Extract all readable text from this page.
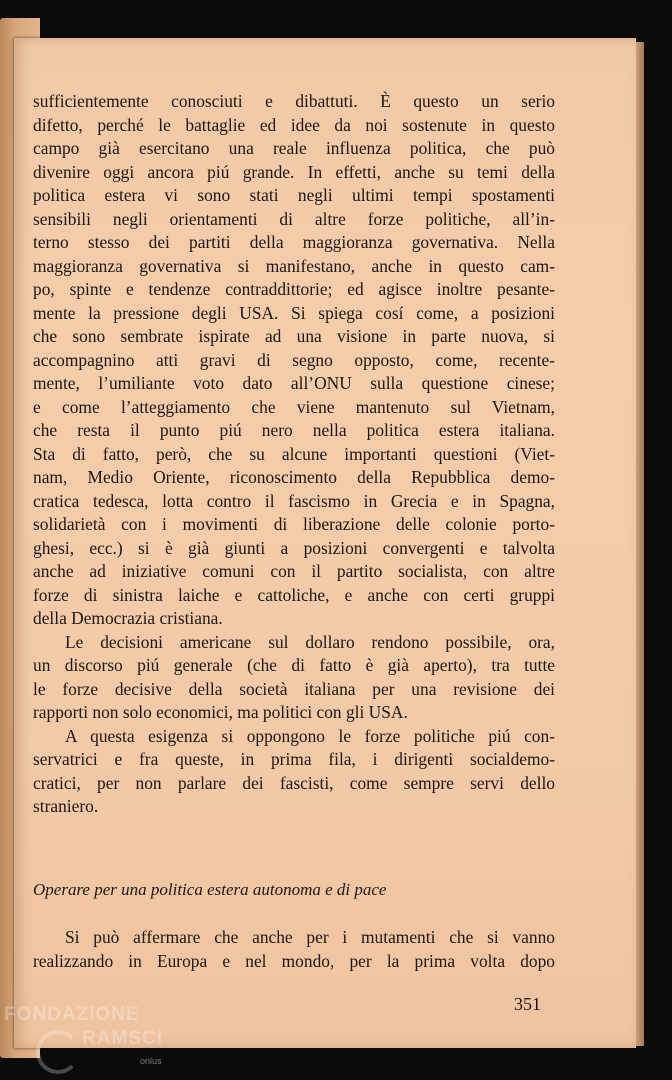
sufficientemente conosciuti e dibattuti. È questo un serio
difetto, perché le battaglie ed idee da noi sostenute in questo
campo già esercitano una reale influenza politica, che può
divenire oggi ancora piú grande. In effetti, anche su temi della
politica estera vi sono stati negli ultimi tempi spostamenti
sensibili negli orientamenti di altre forze politiche, all’in-
terno stesso dei partiti della maggioranza governativa. Nella
maggioranza governativa si manifestano, anche in questo cam-
po, spinte e tendenze contraddittorie; ed agisce inoltre pesante-
mente la pressione degli USA. Si spiega cosí come, a posizioni
che sono sembrate ispirate ad una visione in parte nuova, si
accompagnino atti gravi di segno opposto, come, recente-
mente, l’umiliante voto dato all’ONU sulla questione cinese;
e come l’atteggiamento che viene mantenuto sul Vietnam,
che resta il punto piú nero nella politica estera italiana.
Sta di fatto, però, che su alcune importanti questioni (Viet-
nam, Medio Oriente, riconoscimento della Repubblica demo-
cratica tedesca, lotta contro il fascismo in Grecia e in Spagna,
solidarietà con i movimenti di liberazione delle colonie porto-
ghesi, ecc.) si è già giunti a posizioni convergenti e talvolta
anche ad iniziative comuni con il partito socialista, con altre
forze di sinistra laiche e cattoliche, e anche con certi gruppi
della Democrazia cristiana.
Le decisioni americane sul dollaro rendono possibile, ora,
un discorso piú generale (che di fatto è già aperto), tra tutte
le forze decisive della società italiana per una revisione dei
rapporti non solo economici, ma politici con gli USA.
A questa esigenza si oppongono le forze politiche piú con-
servatrici e fra queste, in prima fila, i dirigenti socialdemo-
cratici, per non parlare dei fascisti, come sempre servi dello
straniero.
Operare per una politica estera autonoma e di pace
Si può affermare che anche per i mutamenti che si vanno
realizzando in Europa e nel mondo, per la prima volta dopo
351
FONDAZIONE
RAMSCI
onlus
